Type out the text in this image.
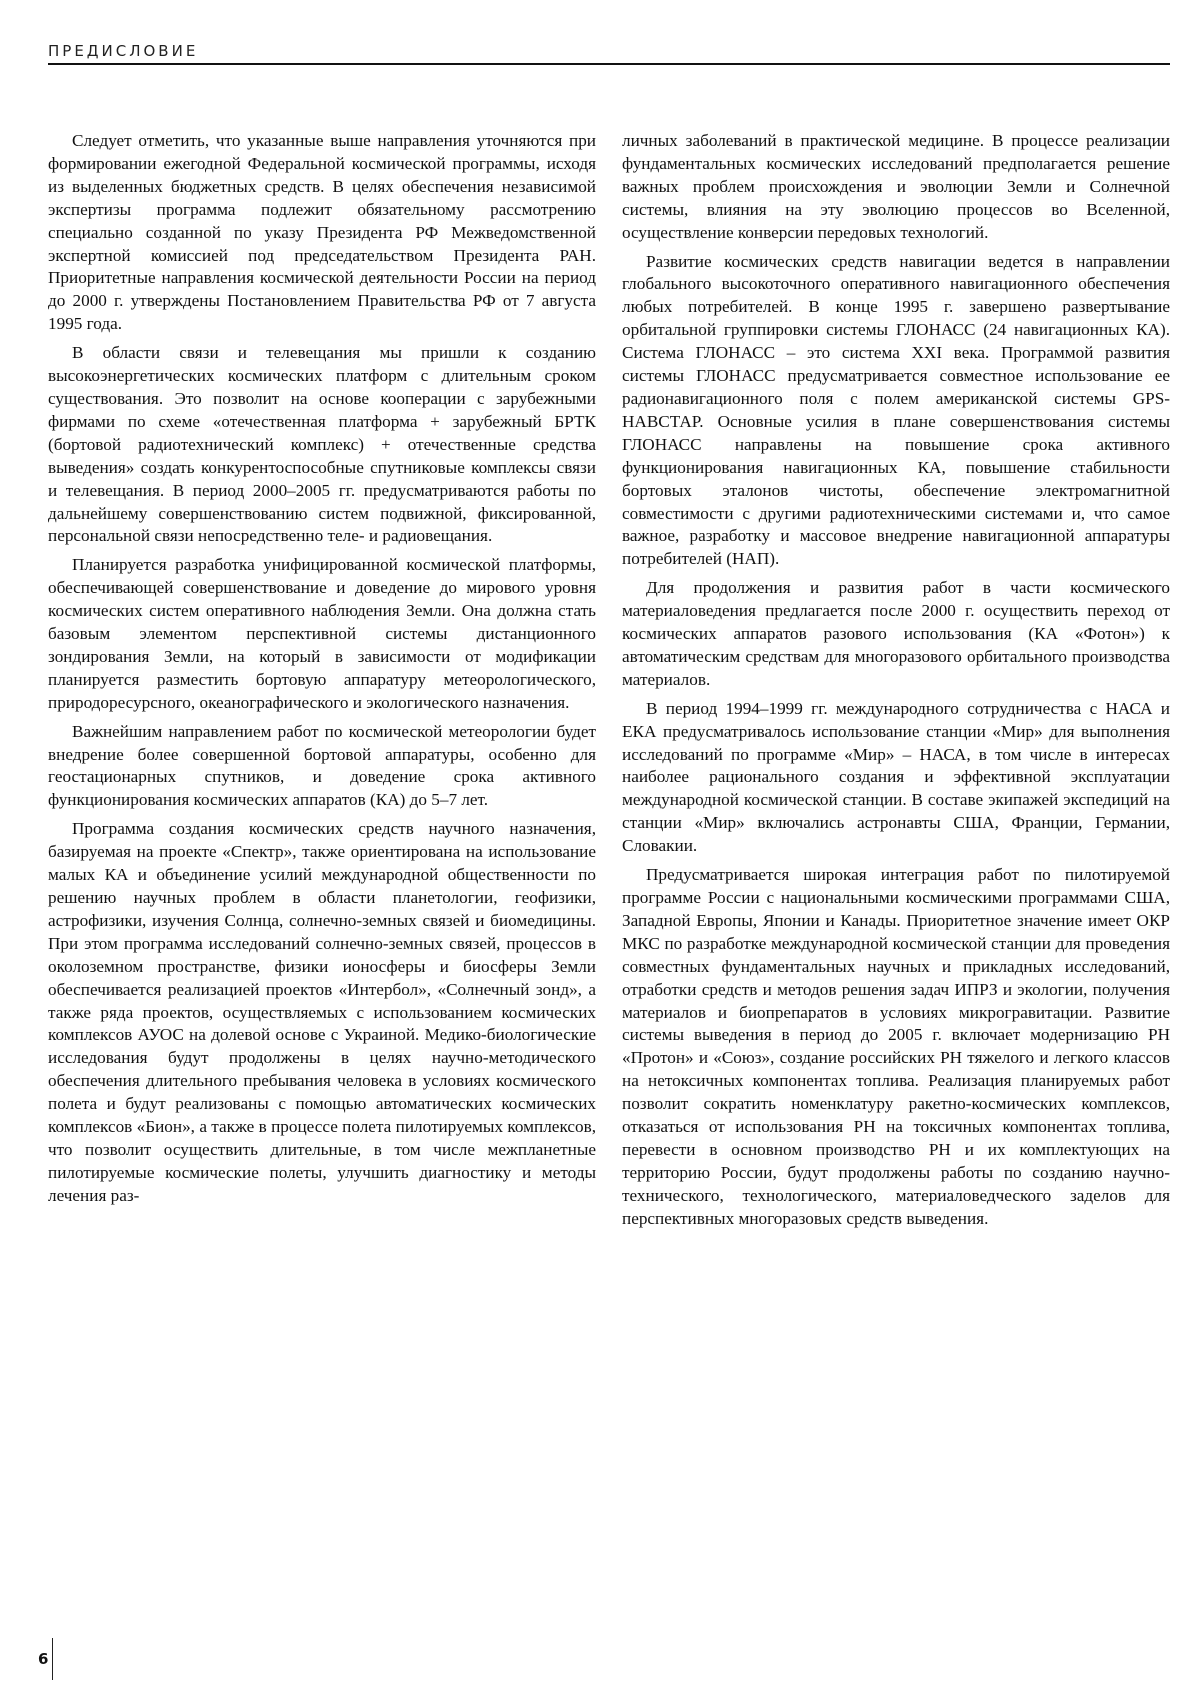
ПРЕДИСЛОВИЕ

Следует отметить, что указанные выше направления уточняются при формировании ежегодной Федеральной космической программы, исходя из выделенных бюджетных средств. В целях обеспечения независимой экспертизы программа подлежит обязательному рассмотрению специально созданной по указу Президента РФ Межведомственной экспертной комиссией под председательством Президента РАН. Приоритетные направления космической деятельности России на период до 2000 г. утверждены Постановлением Правительства РФ от 7 августа 1995 года.

В области связи и телевещания мы пришли к созданию высокоэнергетических космических платформ с длительным сроком существования. Это позволит на основе кооперации с зарубежными фирмами по схеме «отечественная платформа + зарубежный БРТК (бортовой радиотехнический комплекс) + отечественные средства выведения» создать конкурентоспособные спутниковые комплексы связи и телевещания. В период 2000–2005 гг. предусматриваются работы по дальнейшему совершенствованию систем подвижной, фиксированной, персональной связи непосредственно теле- и радиовещания.

Планируется разработка унифицированной космической платформы, обеспечивающей совершенствование и доведение до мирового уровня космических систем оперативного наблюдения Земли. Она должна стать базовым элементом перспективной системы дистанционного зондирования Земли, на который в зависимости от модификации планируется разместить бортовую аппаратуру метеорологического, природоресурсного, океанографического и экологического назначения.

Важнейшим направлением работ по космической метеорологии будет внедрение более совершенной бортовой аппаратуры, особенно для геостационарных спутников, и доведение срока активного функционирования космических аппаратов (КА) до 5–7 лет.

Программа создания космических средств научного назначения, базируемая на проекте «Спектр», также ориентирована на использование малых КА и объединение усилий международной общественности по решению научных проблем в области планетологии, геофизики, астрофизики, изучения Солнца, солнечно-земных связей и биомедицины. При этом программа исследований солнечно-земных связей, процессов в околоземном пространстве, физики ионосферы и биосферы Земли обеспечивается реализацией проектов «Интербол», «Солнечный зонд», а также ряда проектов, осуществляемых с использованием космических комплексов АУОС на долевой основе с Украиной. Медико-биологические исследования будут продолжены в целях научно-методического обеспечения длительного пребывания человека в условиях космического полета и будут реализованы с помощью автоматических космических комплексов «Бион», а также в процессе полета пилотируемых комплексов, что позволит осуществить длительные, в том числе межпланетные пилотируемые космические полеты, улучшить диагностику и методы лечения раз-

личных заболеваний в практической медицине. В процессе реализации фундаментальных космических исследований предполагается решение важных проблем происхождения и эволюции Земли и Солнечной системы, влияния на эту эволюцию процессов во Вселенной, осуществление конверсии передовых технологий.

Развитие космических средств навигации ведется в направлении глобального высокоточного оперативного навигационного обеспечения любых потребителей. В конце 1995 г. завершено развертывание орбитальной группировки системы ГЛОНАСС (24 навигационных КА). Система ГЛОНАСС – это система XXI века. Программой развития системы ГЛОНАСС предусматривается совместное использование ее радионавигационного поля с полем американской системы GPS-НАВСТАР. Основные усилия в плане совершенствования системы ГЛОНАСС направлены на повышение срока активного функционирования навигационных КА, повышение стабильности бортовых эталонов чистоты, обеспечение электромагнитной совместимости с другими радиотехническими системами и, что самое важное, разработку и массовое внедрение навигационной аппаратуры потребителей (НАП).

Для продолжения и развития работ в части космического материаловедения предлагается после 2000 г. осуществить переход от космических аппаратов разового использования (КА «Фотон») к автоматическим средствам для многоразового орбитального производства материалов.

В период 1994–1999 гг. международного сотрудничества с НАСА и ЕКА предусматривалось использование станции «Мир» для выполнения исследований по программе «Мир» – НАСА, в том числе в интересах наиболее рационального создания и эффективной эксплуатации международной космической станции. В составе экипажей экспедиций на станции «Мир» включались астронавты США, Франции, Германии, Словакии.

Предусматривается широкая интеграция работ по пилотируемой программе России с национальными космическими программами США, Западной Европы, Японии и Канады. Приоритетное значение имеет ОКР МКС по разработке международной космической станции для проведения совместных фундаментальных научных и прикладных исследований, отработки средств и методов решения задач ИПРЗ и экологии, получения материалов и биопрепаратов в условиях микрогравитации. Развитие системы выведения в период до 2005 г. включает модернизацию РН «Протон» и «Союз», создание российских РН тяжелого и легкого классов на нетоксичных компонентах топлива. Реализация планируемых работ позволит сократить номенклатуру ракетно-космических комплексов, отказаться от использования РН на токсичных компонентах топлива, перевести в основном производство РН и их комплектующих на территорию России, будут продолжены работы по созданию научно-технического, технологического, материаловедческого заделов для перспективных многоразовых средств выведения.

6
